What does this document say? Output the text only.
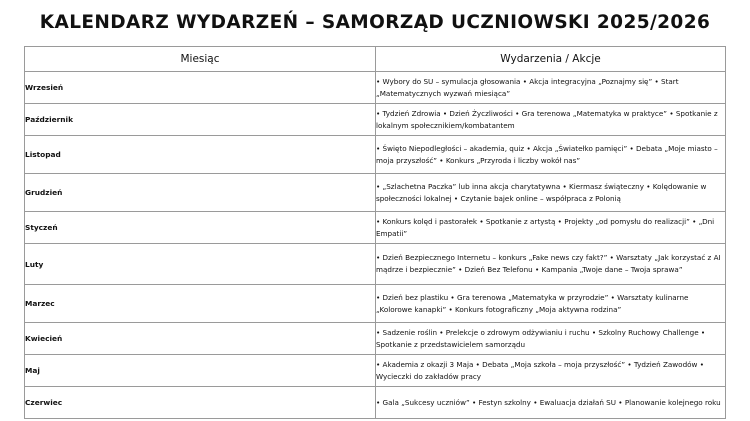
KALENDARZ WYDARZEŃ – SAMORZĄD UCZNIOWSKI 2025/2026
Miesiąc	Wydarzenia / Akcje
Wrzesień	• Wybory do SU – symulacja głosowania • Akcja integracyjna „Poznajmy się” • Start „Matematycznych wyzwań miesiąca”

Październik	• Tydzień Zdrowia • Dzień Życzliwości • Gra terenowa „Matematyka w praktyce” • Spotkanie z lokalnym społecznikiem/kombatantem

Listopad	• Święto Niepodległości – akademia, quiz • Akcja „Światełko pamięci” • Debata „Moje miasto – moja przyszłość” • Konkurs „Przyroda i liczby wokół nas”

Grudzień	• „Szlachetna Paczka” lub inna akcja charytatywna • Kiermasz świąteczny • Kolędowanie w społeczności lokalnej • Czytanie bajek online – współpraca z Polonią

Styczeń	• Konkurs kolęd i pastorałek • Spotkanie z artystą • Projekty „od pomysłu do realizacji” • „Dni Empatii”

Luty	• Dzień Bezpiecznego Internetu – konkurs „Fake news czy fakt?” • Warsztaty „Jak korzystać z AI mądrze i bezpiecznie” • Dzień Bez Telefonu • Kampania „Twoje dane – Twoja sprawa”

Marzec	• Dzień bez plastiku • Gra terenowa „Matematyka w przyrodzie” • Warsztaty kulinarne „Kolorowe kanapki” • Konkurs fotograficzny „Moja aktywna rodzina”

Kwiecień	• Sadzenie roślin • Prelekcje o zdrowym odżywianiu i ruchu • Szkolny Ruchowy Challenge • Spotkanie z przedstawicielem samorządu

Maj	• Akademia z okazji 3 Maja • Debata „Moja szkoła – moja przyszłość” • Tydzień Zawodów • Wycieczki do zakładów pracy

Czerwiec	• Gala „Sukcesy uczniów” • Festyn szkolny • Ewaluacja działań SU • Planowanie kolejnego roku
